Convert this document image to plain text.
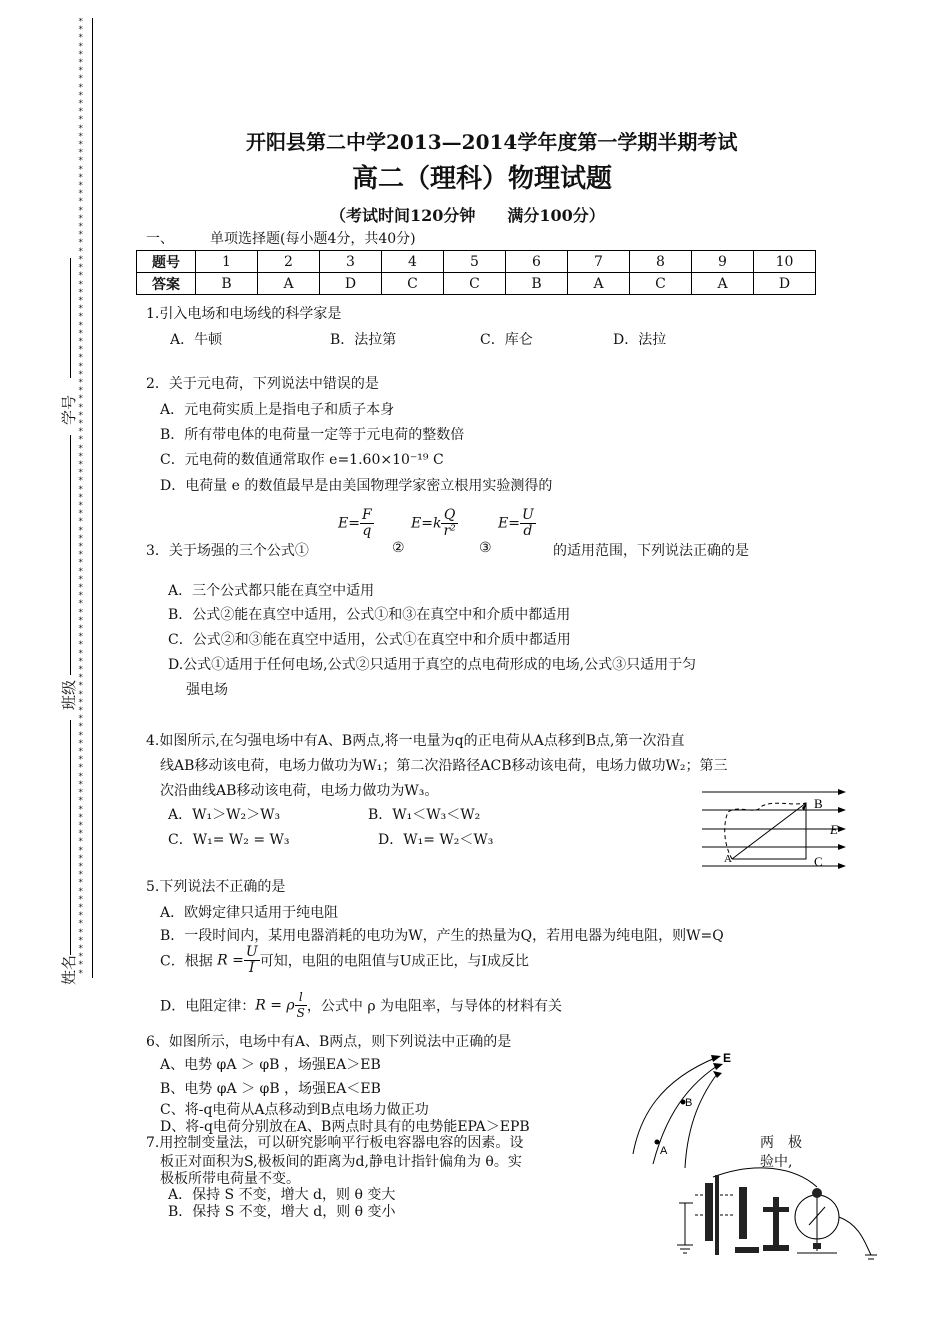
*
*
*
*
*
*
*
*
*
*
*
*
*
*
*
*
*
*
*
*
*
*
*
*
*
*
*
*
*
*
*
*
*
*
*
*
*
*
*
*
*
*
*
*
*
*
*
*
*
*
*
*
*
*
*
*
*
*
*
*
*
*
*
*
*
*
*
*
*
*
*
*
*
*
*
*
*
*
*
*
*
*
*
*
*
*
*
*
*
*
*
*
*
*
*
*
*
*
*
*
*
*
*
*
*
*
*
*
*
*
*
*
*
*
*
*
*
学号
班级
姓名
开阳县第二中学2013—2014学年度第一学期半期考试
高二（理科）物理试题
（考试时间120分钟　　满分100分）
一、	单项选择题(每小题4分，共40分)
题号	1	2	3	4	5	6	7	8	9	10
答案	B	A	D	C	C	B	A	C	A	D
1.引入电场和电场线的科学家是
A．牛顿	B．法拉第	C．库仑	D．法拉
2．关于元电荷，下列说法中错误的是
A．元电荷实质上是指电子和质子本身
B．所有带电体的电荷量一定等于元电荷的整数倍
C．元电荷的数值通常取作 e=1.60×10⁻¹⁹ C
D．电荷量 e 的数值最早是由美国物理学家密立根用实验测得的
3．关于场强的三个公式①
$E= \frac{F}{q}$
②
$E=k \frac{Q}{\text{r²}}$
③
$E= \frac{U}{d}$
的适用范围，下列说法正确的是
A．三个公式都只能在真空中适用
B．公式②能在真空中适用，公式①和③在真空中和介质中都适用
C．公式②和③能在真空中适用，公式①在真空中和介质中都适用
D.公式①适用于任何电场,公式②只适用于真空的点电荷形成的电场,公式③只适用于匀
强电场
4.如图所示,在匀强电场中有A、B两点,将一电量为q的正电荷从A点移到B点,第一次沿直
线AB移动该电荷，电场力做功为W₁；第二次沿路径ACB移动该电荷，电场力做功W₂；第三
次沿曲线AB移动该电荷，电场力做功为W₃。
A．W₁＞W₂＞W₃	B．W₁＜W₃＜W₂
C．W₁= W₂ = W₃	D．W₁= W₂＜W₃
B
E
C
A
5.下列说法不正确的是
A．欧姆定律只适用于纯电阻
B．一段时间内，某用电器消耗的电功为W，产生的热量为Q，若用电器为纯电阻，则W=Q
C．根据 $R = \frac{U}{I}$ 可知，电阻的电阻值与U成正比，与I成反比
D．电阻定律：R = ρ $\frac{l}{S}$ ，公式中 ρ 为电阻率，与导体的材料有关
6、如图所示，电场中有A、B两点，则下列说法中正确的是
A、电势 φA ＞ φB ，场强EA＞EB
B、电势 φA ＞ φB ，场强EA＜EB
C、将-q电荷从A点移动到B点电场力做正功
D、将-q电荷分别放在A、B两点时具有的电势能EPA＞EPB
E
B
A
7.用控制变量法，可以研究影响平行板电容器电容的因素。设	两　极
板正对面积为S,极板间的距离为d,静电计指针偏角为 θ。实	验中,
极板所带电荷量不变。
A．保持 S 不变，增大 d，则 θ 变大
B．保持 S 不变，增大 d，则 θ 变小
